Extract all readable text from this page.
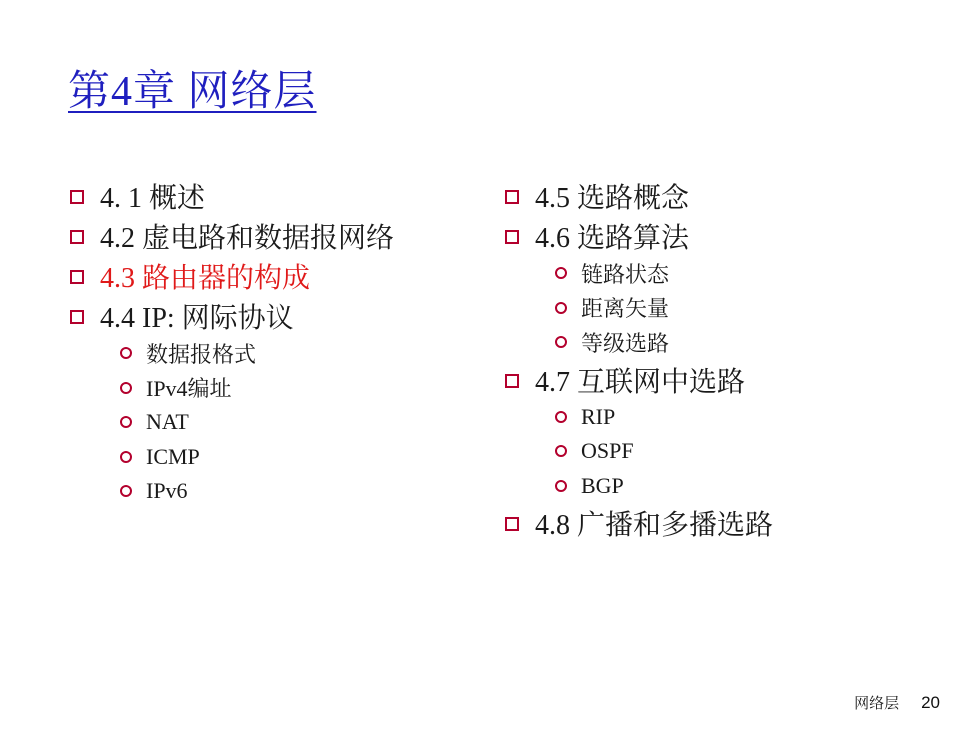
第4章 网络层
4. 1 概述
4.2 虚电路和数据报网络
4.3 路由器的构成
4.4 IP: 网际协议
数据报格式
IPv4编址
NAT
ICMP
IPv6
4.5 选路概念
4.6 选路算法
链路状态
距离矢量
等级选路
4.7 互联网中选路
RIP
OSPF
BGP
4.8 广播和多播选路
网络层 20
